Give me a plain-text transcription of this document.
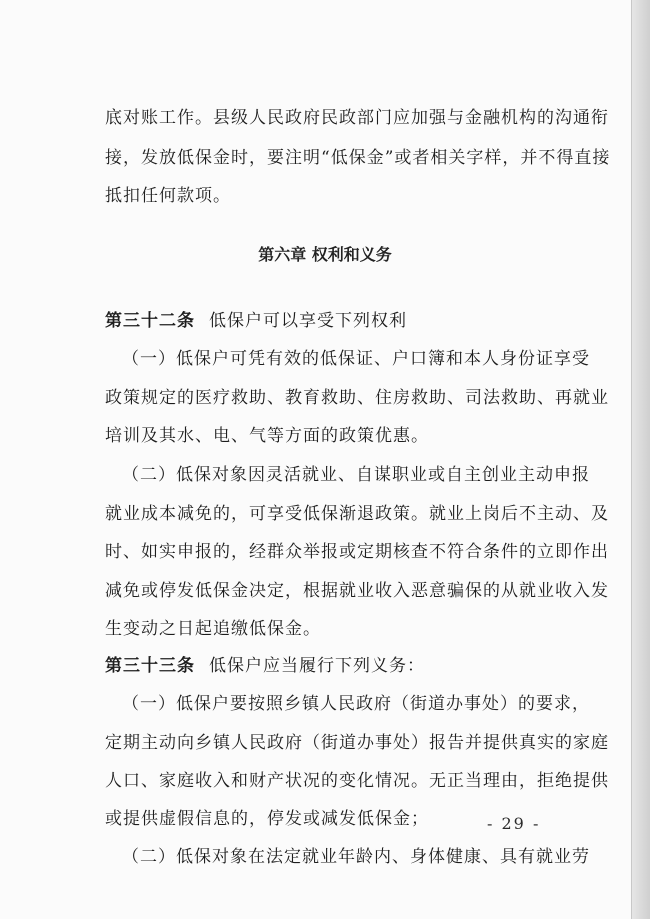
底对账工作。县级人民政府民政部门应加强与金融机构的沟通衔
接，发放低保金时，要注明“低保金”或者相关字样，并不得直接
抵扣任何款项。
第六章 权利和义务
第三十二条 低保户可以享受下列权利
（一）低保户可凭有效的低保证、户口簿和本人身份证享受
政策规定的医疗救助、教育救助、住房救助、司法救助、再就业
培训及其水、电、气等方面的政策优惠。
（二）低保对象因灵活就业、自谋职业或自主创业主动申报
就业成本减免的，可享受低保渐退政策。就业上岗后不主动、及
时、如实申报的，经群众举报或定期核查不符合条件的立即作出
减免或停发低保金决定，根据就业收入恶意骗保的从就业收入发
生变动之日起追缴低保金。
第三十三条 低保户应当履行下列义务：
（一）低保户要按照乡镇人民政府（街道办事处）的要求，
定期主动向乡镇人民政府（街道办事处）报告并提供真实的家庭
人口、家庭收入和财产状况的变化情况。无正当理由，拒绝提供
或提供虚假信息的，停发或减发低保金；
（二）低保对象在法定就业年龄内、身体健康、具有就业劳
- 29 -
